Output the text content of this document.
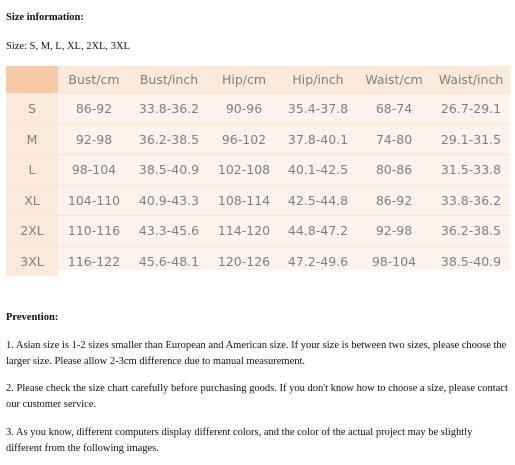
Size information:

Size: S, M, L, XL, 2XL, 3XL

	Bust/cm	Bust/inch	Hip/cm	Hip/inch	Waist/cm	Waist/inch
S	86-92	33.8-36.2	90-96	35.4-37.8	68-74	26.7-29.1
M	92-98	36.2-38.5	96-102	37.8-40.1	74-80	29.1-31.5
L	98-104	38.5-40.9	102-108	40.1-42.5	80-86	31.5-33.8
XL	104-110	40.9-43.3	108-114	42.5-44.8	86-92	33.8-36.2
2XL	110-116	43.3-45.6	114-120	44.8-47.2	92-98	36.2-38.5
3XL	116-122	45.6-48.1	120-126	47.2-49.6	98-104	38.5-40.9

Prevention:

1. Asian size is 1-2 sizes smaller than European and American size. If your size is between two sizes, please choose the larger size. Please allow 2-3cm difference due to manual measurement.

2. Please check the size chart carefully before purchasing goods. If you don't know how to choose a size, please contact our customer service.

3. As you know, different computers display different colors, and the color of the actual project may be slightly different from the following images.
